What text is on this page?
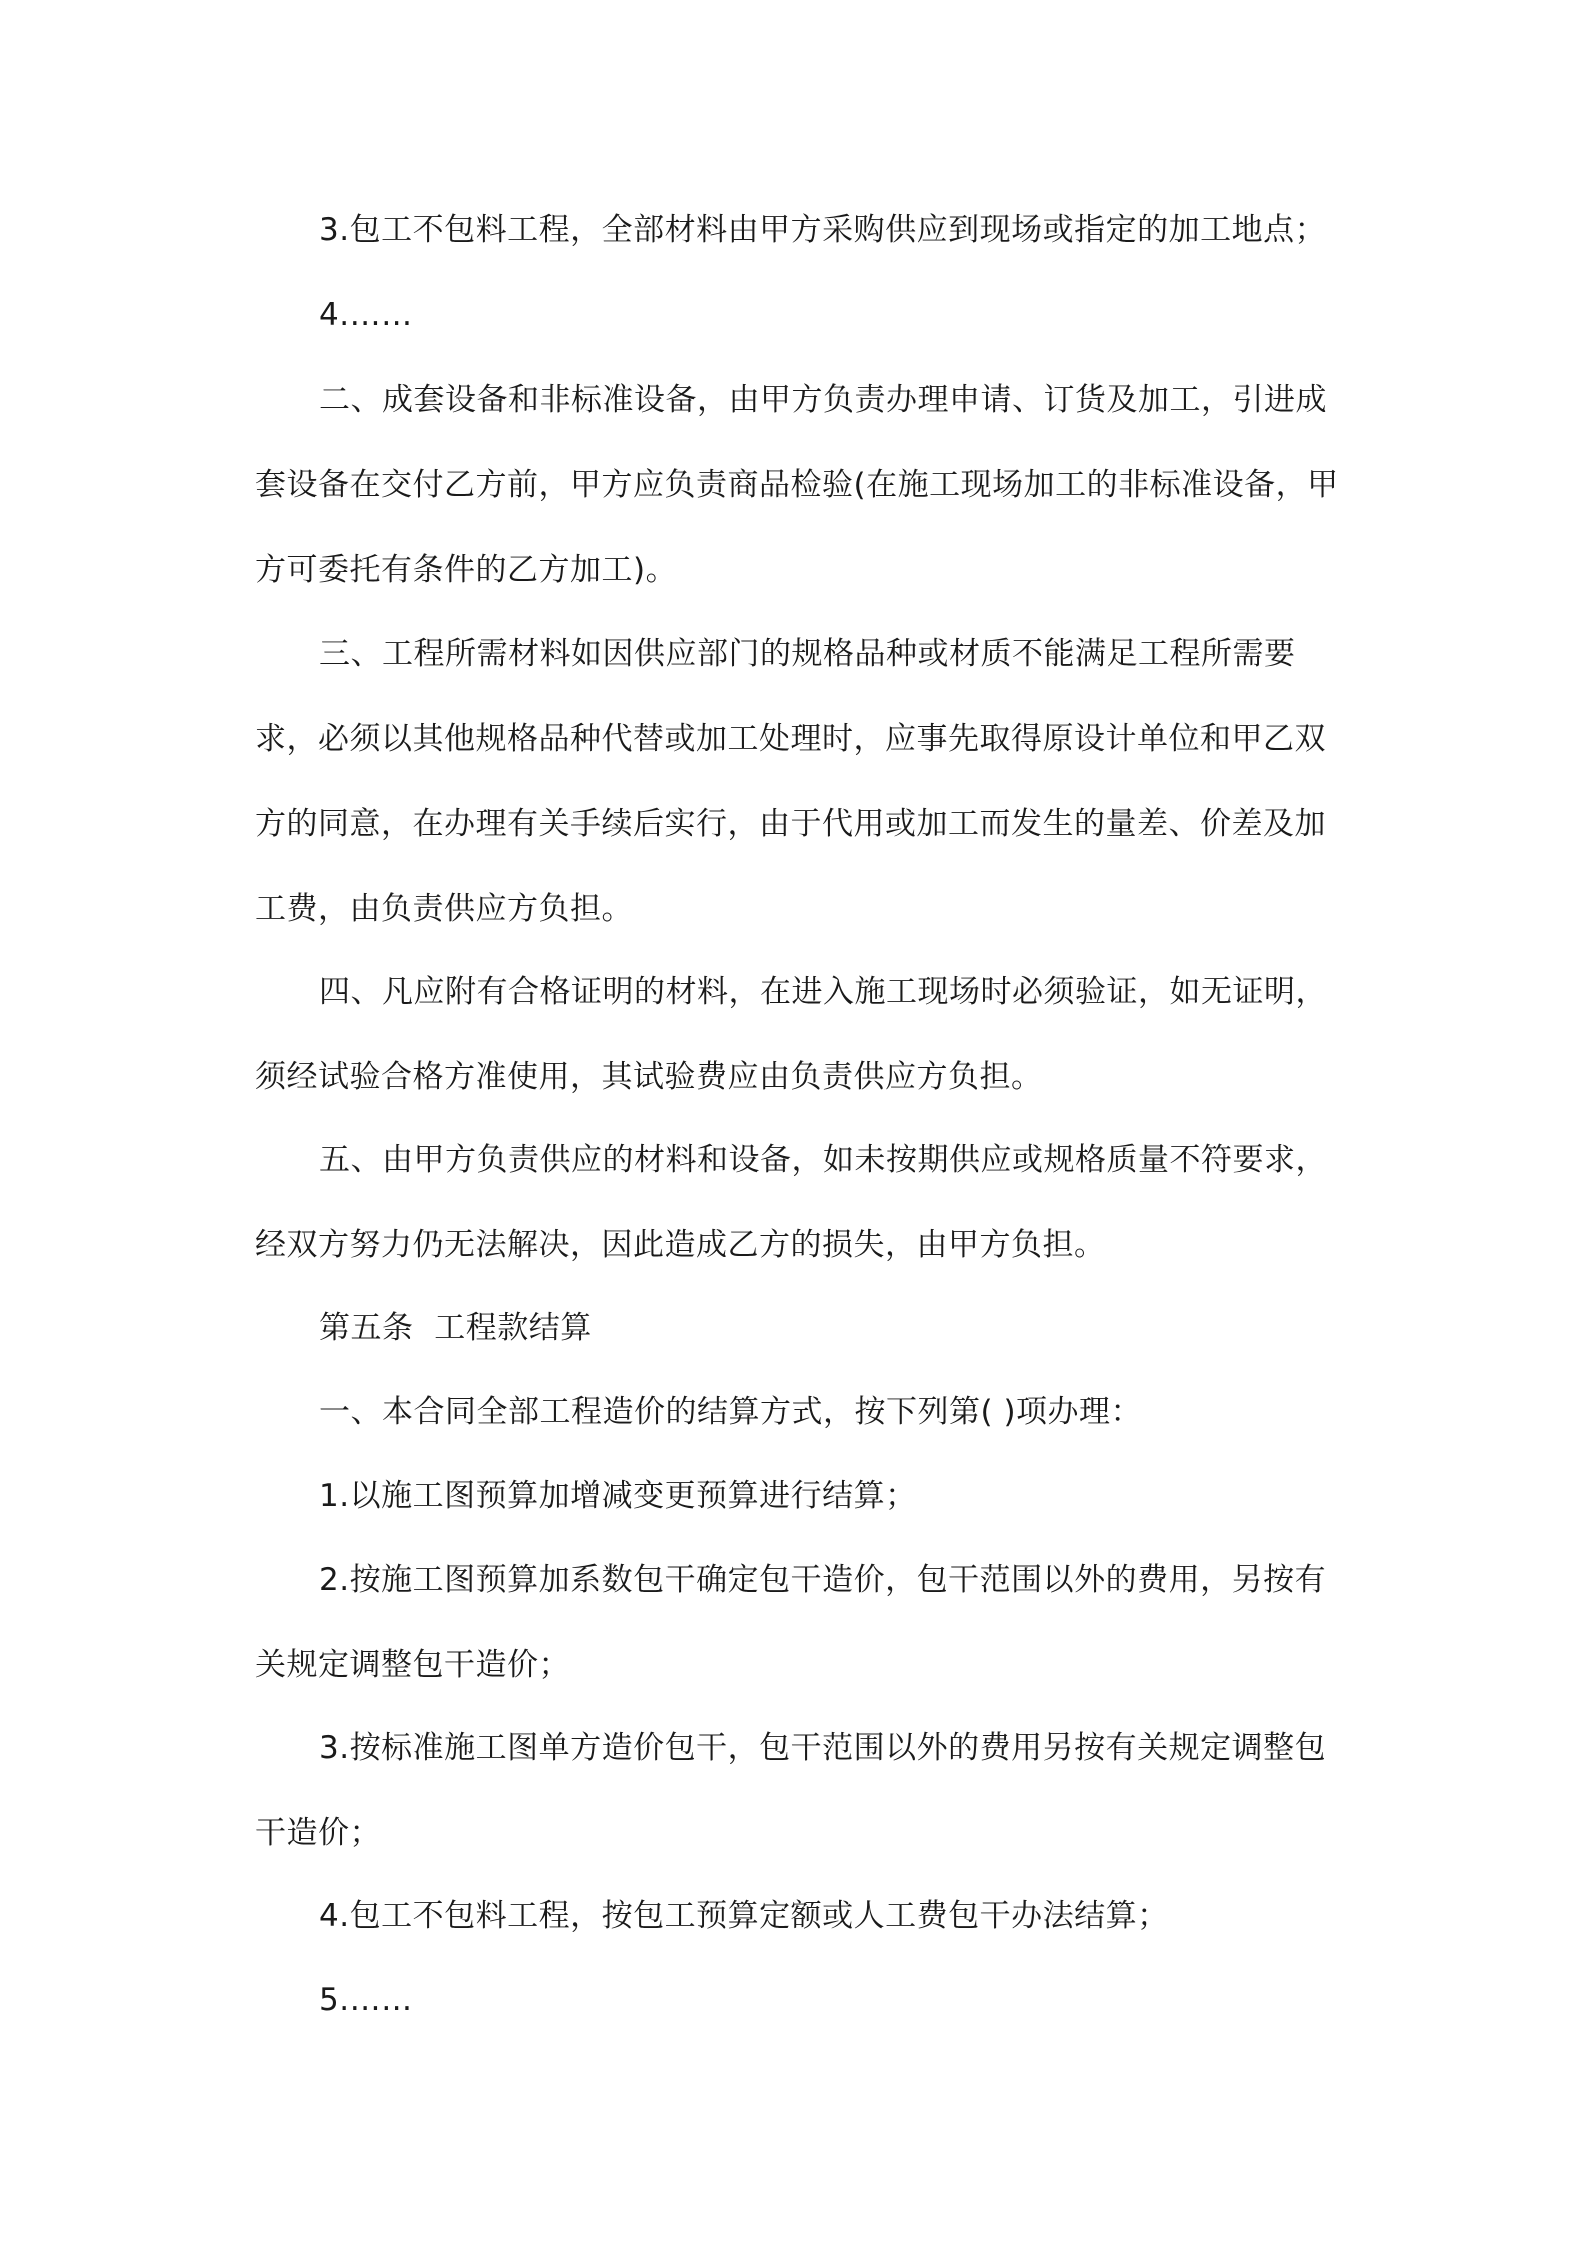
3.包工不包料工程，全部材料由甲方采购供应到现场或指定的加工地点；

4.……

二、成套设备和非标准设备，由甲方负责办理申请、订货及加工，引进成套设备在交付乙方前，甲方应负责商品检验(在施工现场加工的非标准设备，甲方可委托有条件的乙方加工)。

三、工程所需材料如因供应部门的规格品种或材质不能满足工程所需要求，必须以其他规格品种代替或加工处理时，应事先取得原设计单位和甲乙双方的同意，在办理有关手续后实行，由于代用或加工而发生的量差、价差及加工费，由负责供应方负担。

四、凡应附有合格证明的材料，在进入施工现场时必须验证，如无证明，须经试验合格方准使用，其试验费应由负责供应方负担。

五、由甲方负责供应的材料和设备，如未按期供应或规格质量不符要求，经双方努力仍无法解决，因此造成乙方的损失，由甲方负担。

第五条  工程款结算

一、本合同全部工程造价的结算方式，按下列第( )项办理：

1.以施工图预算加增减变更预算进行结算；

2.按施工图预算加系数包干确定包干造价，包干范围以外的费用，另按有关规定调整包干造价；

3.按标准施工图单方造价包干，包干范围以外的费用另按有关规定调整包干造价；

4.包工不包料工程，按包工预算定额或人工费包干办法结算；

5.……
